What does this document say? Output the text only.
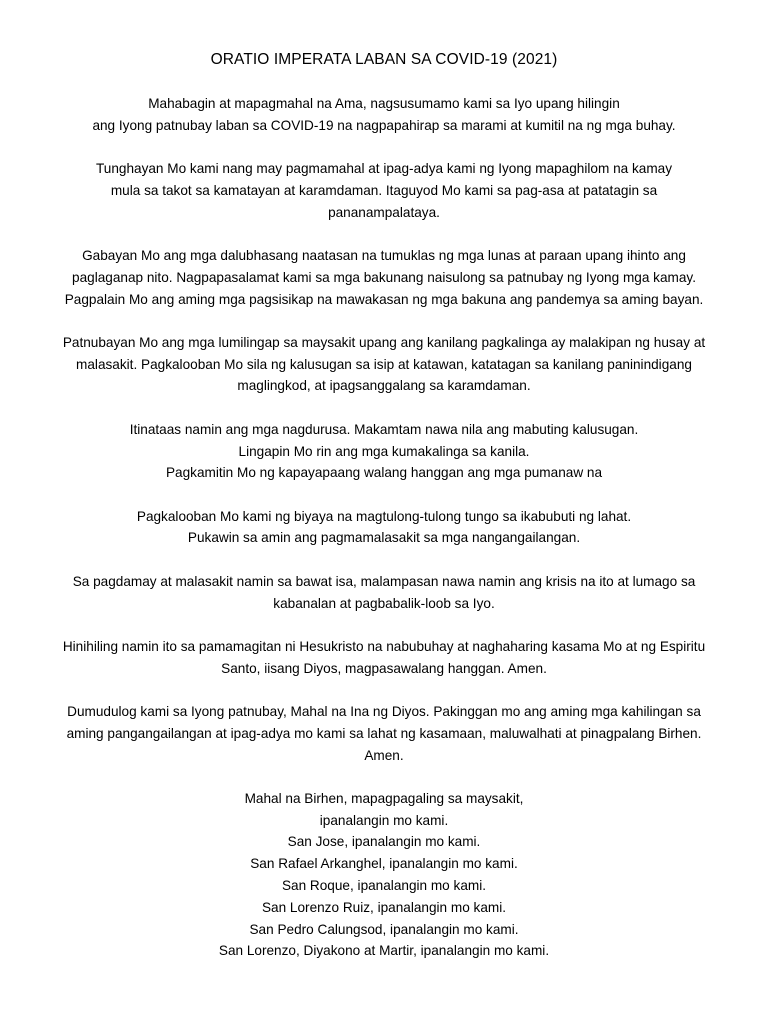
ORATIO IMPERATA LABAN SA COVID-19 (2021)
Mahabagin at mapagmahal na Ama, nagsusumamo kami sa Iyo upang hilingin
ang Iyong patnubay laban sa COVID-19 na nagpapahirap sa marami at kumitil na ng mga buhay.
Tunghayan Mo kami nang may pagmamahal at ipag-adya kami ng Iyong mapaghilom na kamay
mula sa takot sa kamatayan at karamdaman. Itaguyod Mo kami sa pag-asa at patatagin sa
pananampalataya.
Gabayan Mo ang mga dalubhasang naatasan na tumuklas ng mga lunas at paraan upang ihinto ang
paglaganap nito. Nagpapasalamat kami sa mga bakunang naisulong sa patnubay ng Iyong mga kamay.
Pagpalain Mo ang aming mga pagsisikap na mawakasan ng mga bakuna ang pandemya sa aming bayan.
Patnubayan Mo ang mga lumilingap sa maysakit upang ang kanilang pagkalinga ay malakipan ng husay at
malasakit. Pagkalooban Mo sila ng kalusugan sa isip at katawan, katatagan sa kanilang paninindigang
maglingkod, at ipagsanggalang sa karamdaman.
Itinataas namin ang mga nagdurusa. Makamtam nawa nila ang mabuting kalusugan.
Lingapin Mo rin ang mga kumakalinga sa kanila.
Pagkamitin Mo ng kapayapaang walang hanggan ang mga pumanaw na
Pagkalooban Mo kami ng biyaya na magtulong-tulong tungo sa ikabubuti ng lahat.
Pukawin sa amin ang pagmamalasakit sa mga nangangailangan.
Sa pagdamay at malasakit namin sa bawat isa, malampasan nawa namin ang krisis na ito at lumago sa
kabanalan at pagbabalik-loob sa Iyo.
Hinihiling namin ito sa pamamagitan ni Hesukristo na nabubuhay at naghaharing kasama Mo at ng Espiritu
Santo, iisang Diyos, magpasawalang hanggan. Amen.
Dumudulog kami sa Iyong patnubay, Mahal na Ina ng Diyos. Pakinggan mo ang aming mga kahilingan sa
aming pangangailangan at ipag-adya mo kami sa lahat ng kasamaan, maluwalhati at pinagpalang Birhen.
Amen.
Mahal na Birhen, mapagpagaling sa maysakit,
ipanalangin mo kami.
San Jose, ipanalangin mo kami.
San Rafael Arkanghel, ipanalangin mo kami.
San Roque, ipanalangin mo kami.
San Lorenzo Ruiz, ipanalangin mo kami.
San Pedro Calungsod, ipanalangin mo kami.
San Lorenzo, Diyakono at Martir, ipanalangin mo kami.
